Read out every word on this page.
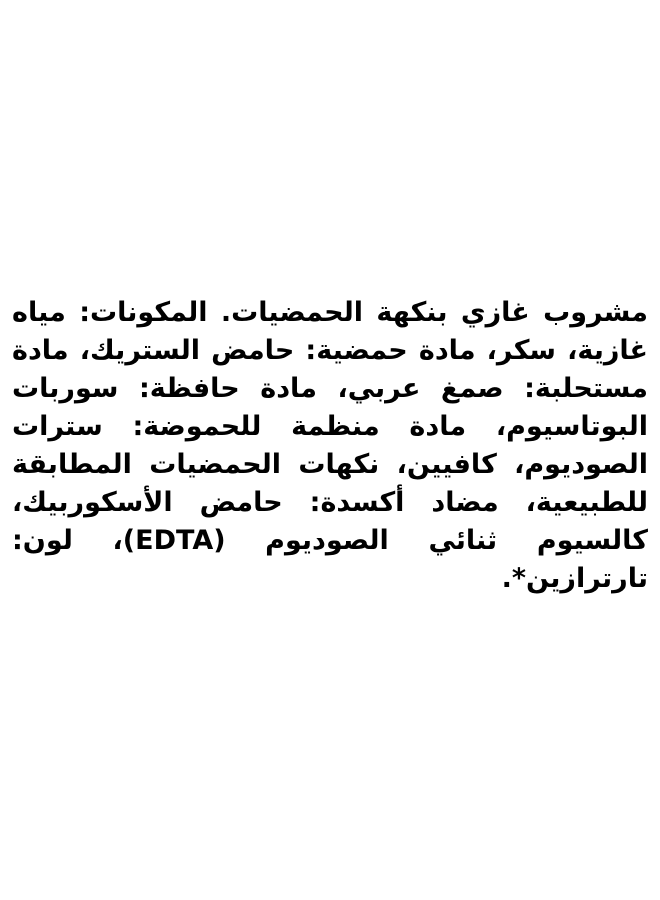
مشروب غازي بنكهة الحمضيات. المكونات: مياه غازية، سكر، مادة حمضية: حامض الستريك، مادة مستحلبة: صمغ عربي، مادة حافظة: سوربات البوتاسيوم، مادة منظمة للحموضة: سترات الصوديوم، كافيين، نكهات الحمضيات المطابقة للطبيعية، مضاد أكسدة: حامض الأسكوربيك، كالسيوم ثنائي الصوديوم (EDTA)، لون: تارترازين*.
